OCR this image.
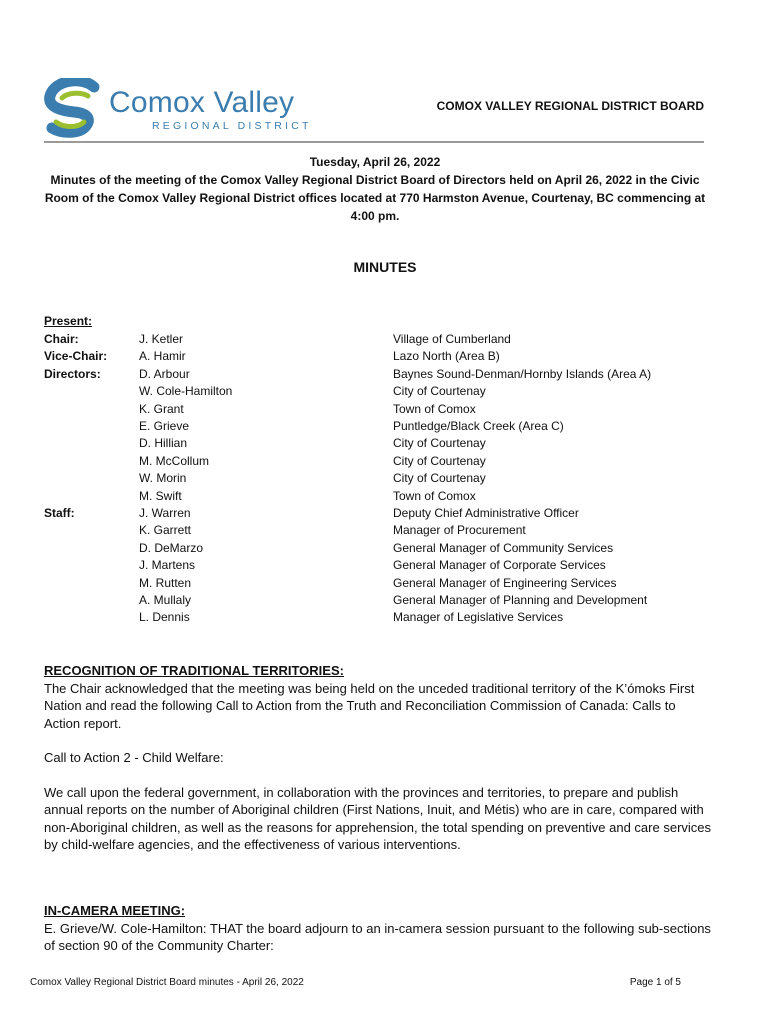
Comox Valley
REGIONAL DISTRICT
COMOX VALLEY REGIONAL DISTRICT BOARD
Tuesday, April 26, 2022
Minutes of the meeting of the Comox Valley Regional District Board of Directors held on April 26, 2022 in the Civic Room of the Comox Valley Regional District offices located at 770 Harmston Avenue, Courtenay, BC commencing at 4:00 pm.
MINUTES
Present:
Chair:	J. Ketler	Village of Cumberland
Vice-Chair:	A. Hamir	Lazo North (Area B)
Directors:	D. Arbour	Baynes Sound-Denman/Hornby Islands (Area A)
W. Cole-Hamilton	City of Courtenay
K. Grant	Town of Comox
E. Grieve	Puntledge/Black Creek (Area C)
D. Hillian	City of Courtenay
M. McCollum	City of Courtenay
W. Morin	City of Courtenay
M. Swift	Town of Comox
Staff:	J. Warren	Deputy Chief Administrative Officer
K. Garrett	Manager of Procurement
D. DeMarzo	General Manager of Community Services
J. Martens	General Manager of Corporate Services
M. Rutten	General Manager of Engineering Services
A. Mullaly	General Manager of Planning and Development
L. Dennis	Manager of Legislative Services
RECOGNITION OF TRADITIONAL TERRITORIES:

The Chair acknowledged that the meeting was being held on the unceded traditional territory of the K’ómoks First Nation and read the following Call to Action from the Truth and Reconciliation Commission of Canada: Calls to Action report.

Call to Action 2 - Child Welfare:

We call upon the federal government, in collaboration with the provinces and territories, to prepare and publish annual reports on the number of Aboriginal children (First Nations, Inuit, and Métis) who are in care, compared with non-Aboriginal children, as well as the reasons for apprehension, the total spending on preventive and care services by child-welfare agencies, and the effectiveness of various interventions.

IN-CAMERA MEETING:

E. Grieve/W. Cole-Hamilton: THAT the board adjourn to an in-camera session pursuant to the following sub-sections of section 90 of the Community Charter:

Comox Valley Regional District Board minutes - April 26, 2022	Page 1 of 5
